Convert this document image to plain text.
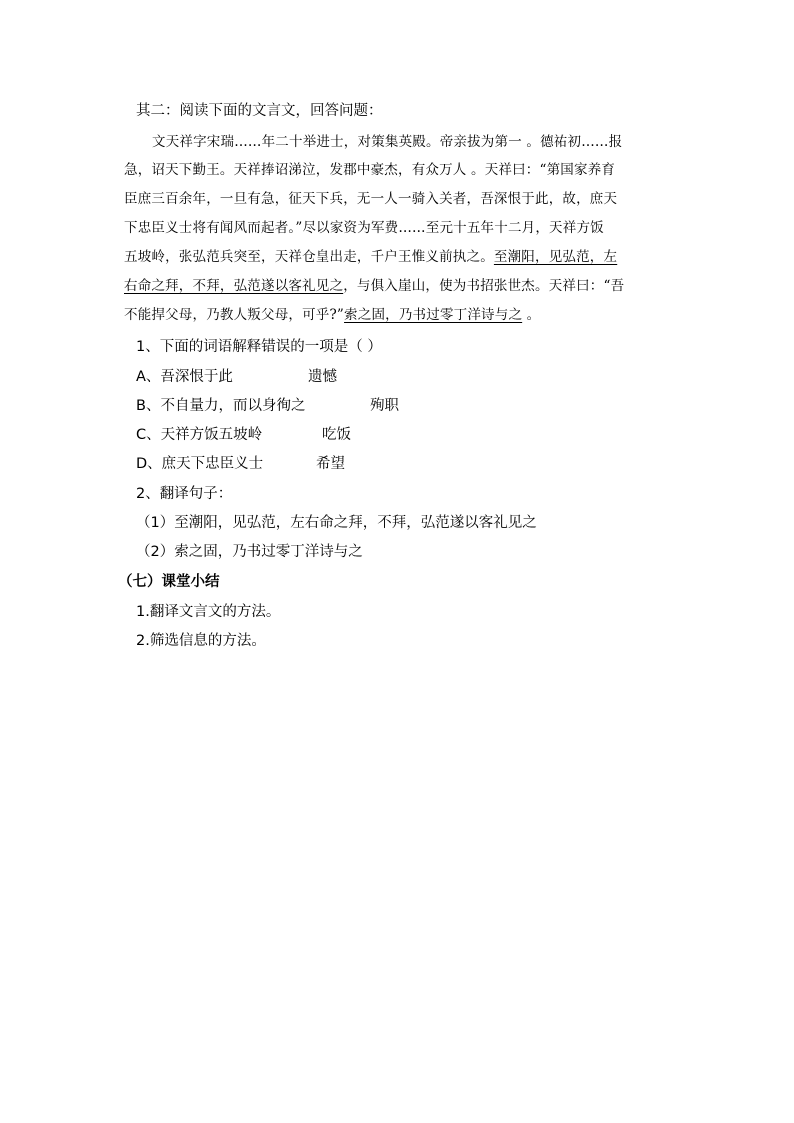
其二：阅读下面的文言文，回答问题：
文天祥字宋瑞……年二十举进士，对策集英殿。帝亲拔为第一 。德祐初……报
急，诏天下勤王。天祥捧诏涕泣，发郡中豪杰，有众万人 。天祥曰：“第国家养育
臣庶三百余年，一旦有急，征天下兵，无一人一骑入关者，吾深恨于此，故，庶天
下忠臣义士将有闻风而起者。”尽以家资为军费……至元十五年十二月，天祥方饭
五坡岭，张弘范兵突至，天祥仓皇出走，千户王惟义前执之。至潮阳，见弘范，左
右命之拜，不拜，弘范遂以客礼见之，与俱入崖山，使为书招张世杰。天祥曰：“吾
不能捍父母，乃教人叛父母，可乎?”索之固，乃书过零丁洋诗与之 。
1、下面的词语解释错误的一项是（ ）
A、吾深恨于此	遗憾
B、不自量力，而以身徇之	殉职
C、天祥方饭五坡岭	吃饭
D、庶天下忠臣义士	希望
2、翻译句子：
（1）至潮阳，见弘范，左右命之拜，不拜，弘范遂以客礼见之
（2）索之固，乃书过零丁洋诗与之
（七）课堂小结
1.翻译文言文的方法。
2.筛选信息的方法。
